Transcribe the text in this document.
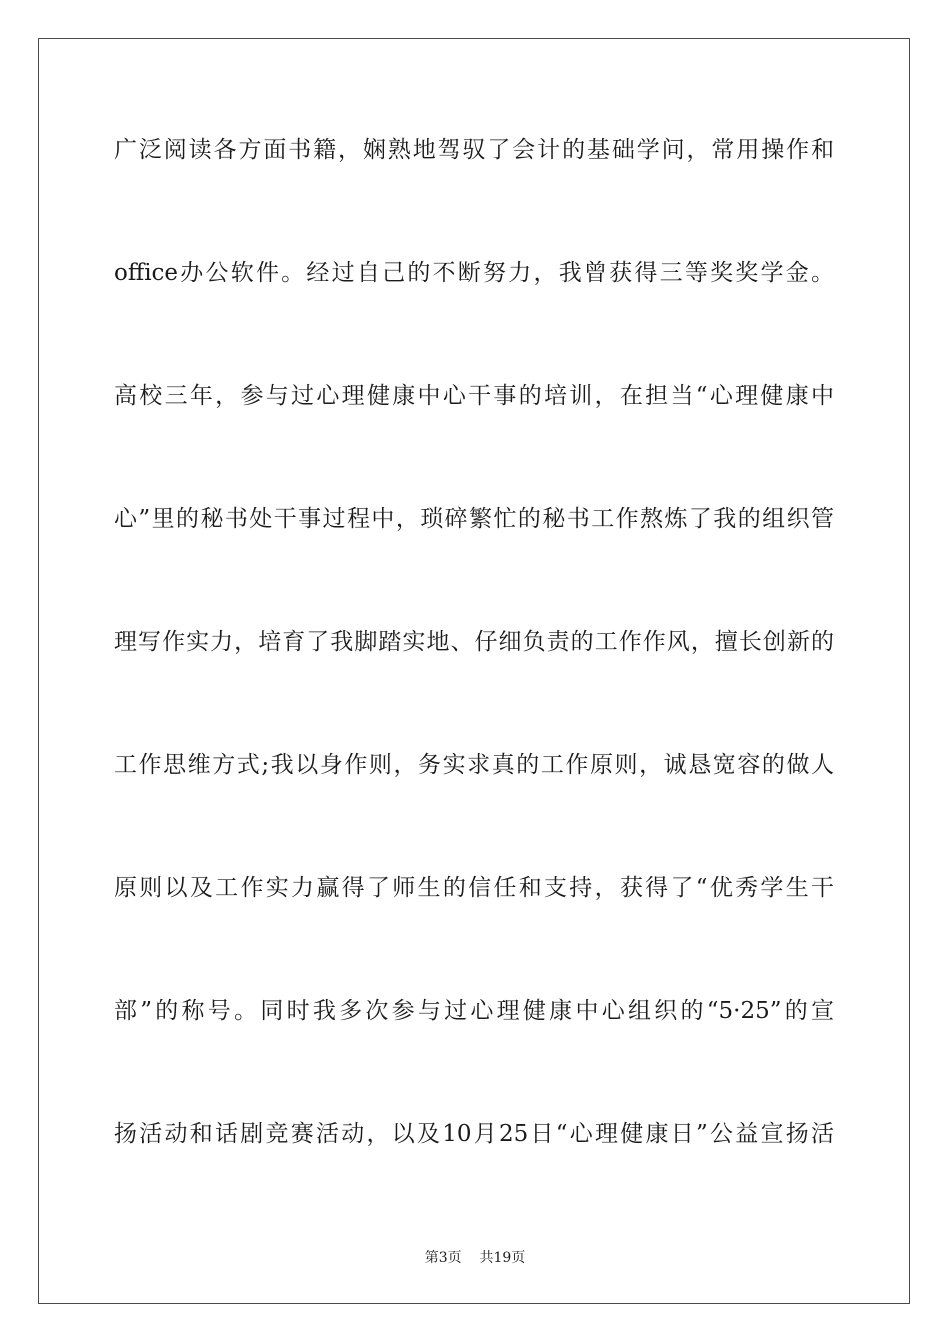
广泛阅读各方面书籍，娴熟地驾驭了会计的基础学问，常用操作和
office办公软件。经过自己的不断努力，我曾获得三等奖奖学金。
高校三年，参与过心理健康中心干事的培训，在担当“心理健康中
心”里的秘书处干事过程中，琐碎繁忙的秘书工作熬炼了我的组织管
理写作实力，培育了我脚踏实地、仔细负责的工作作风，擅长创新的
工作思维方式;我以身作则，务实求真的工作原则，诚恳宽容的做人
原则以及工作实力赢得了师生的信任和支持，获得了“优秀学生干
部”的称号。同时我多次参与过心理健康中心组织的“5·25”的宣
扬活动和话剧竞赛活动，以及10月25日“心理健康日”公益宣扬活
第3页 共19页
